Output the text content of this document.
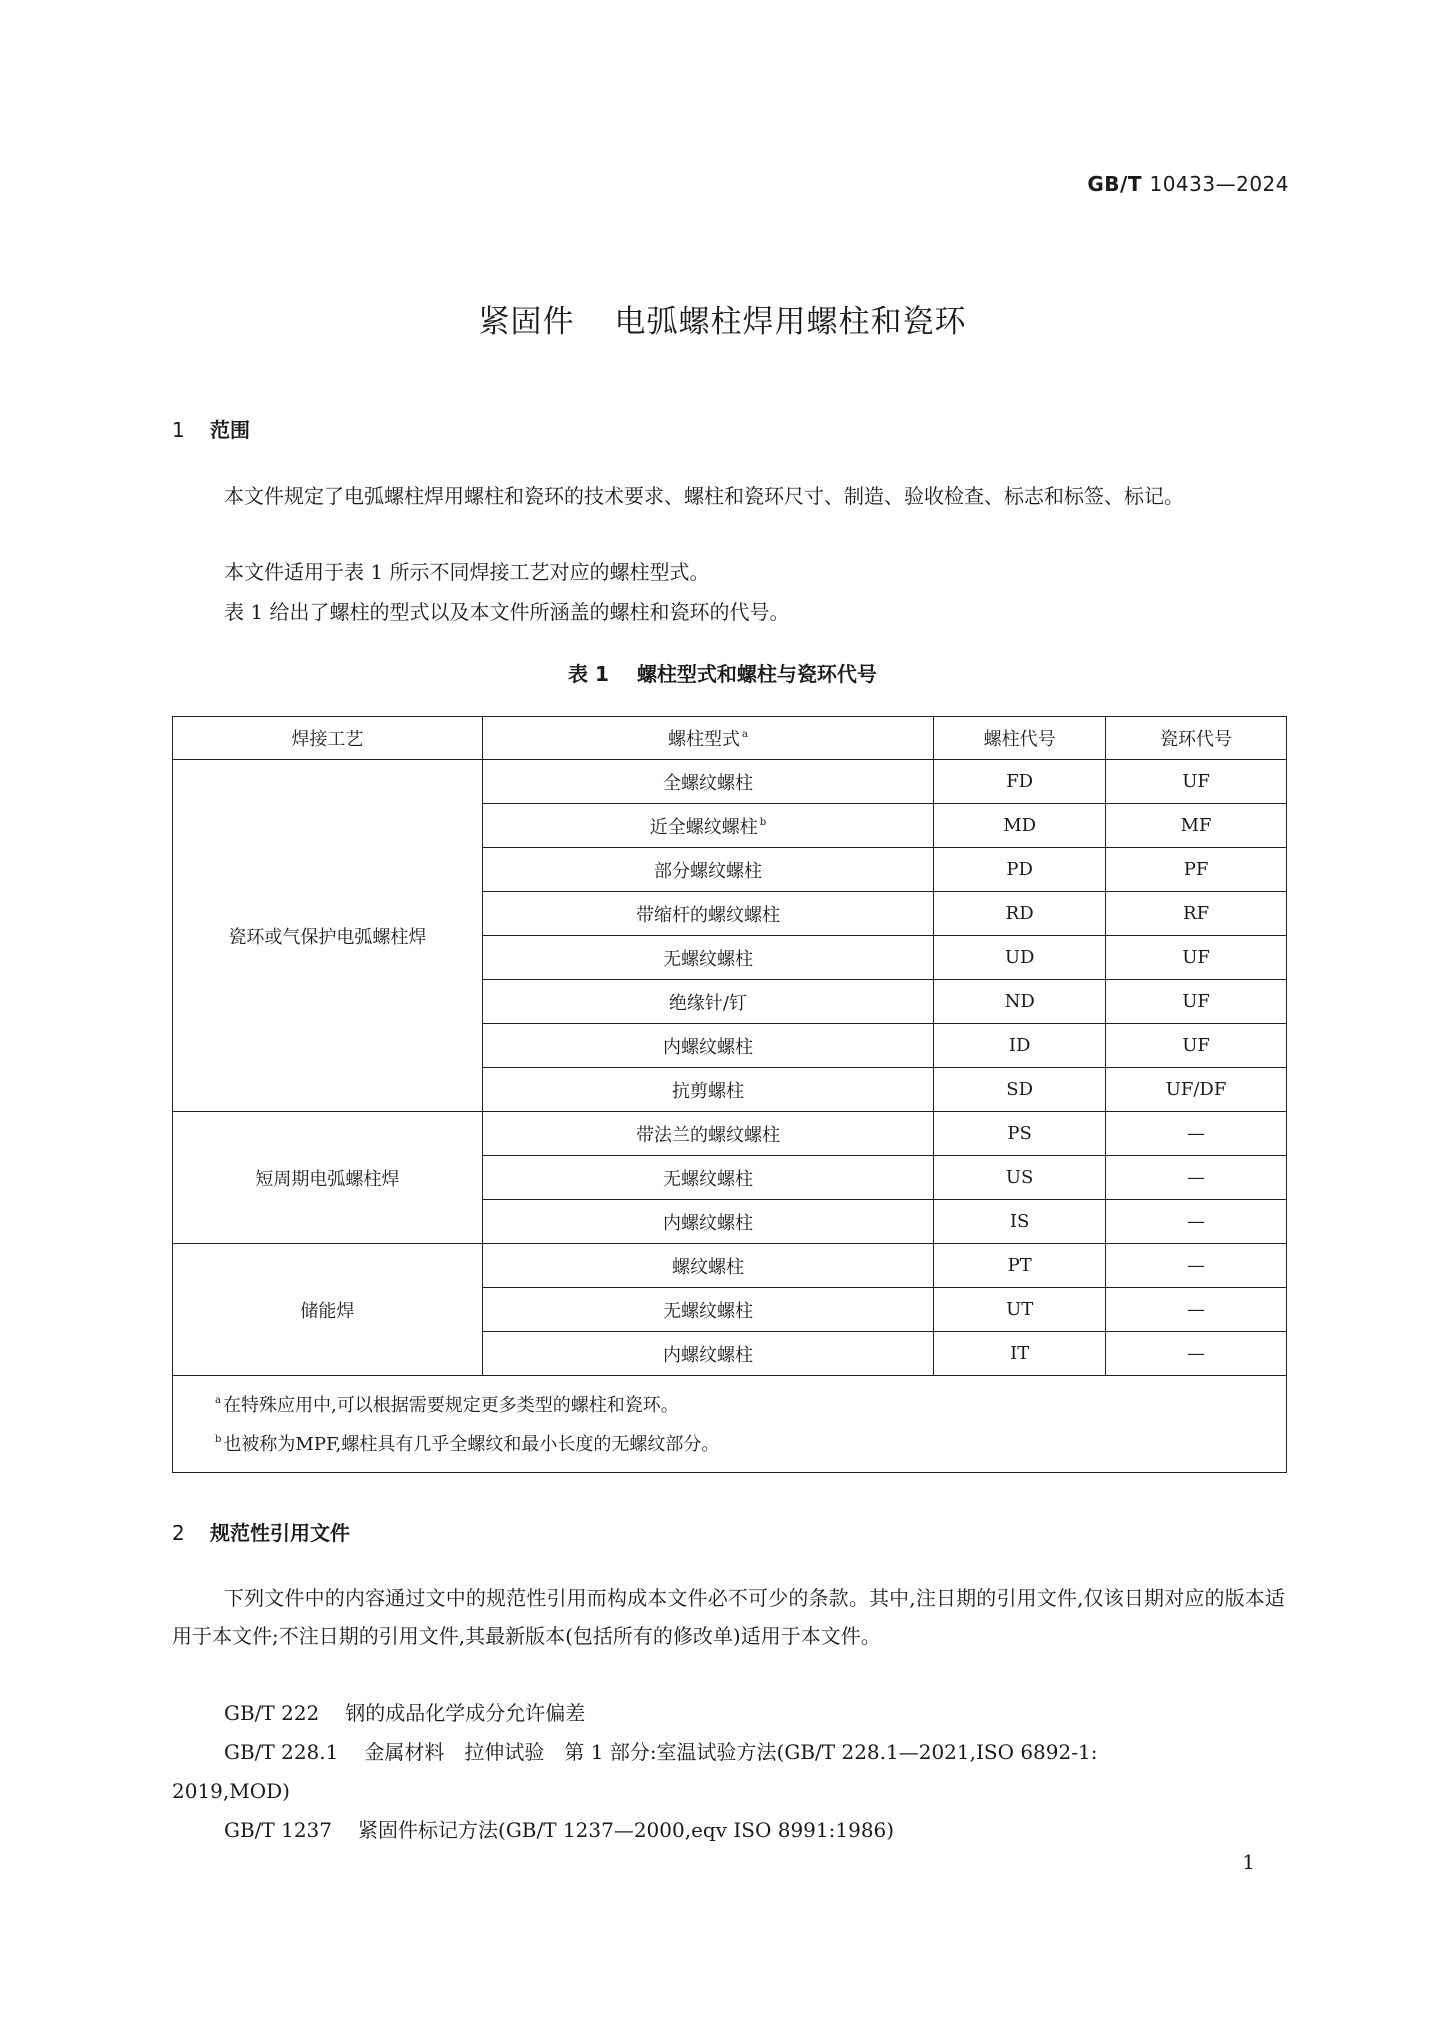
GB/T 10433—2024
紧固件 电弧螺柱焊用螺柱和瓷环
1 范围

本文件规定了电弧螺柱焊用螺柱和瓷环的技术要求、螺柱和瓷环尺寸、制造、验收检查、标志和标签、标记。

本文件适用于表 1 所示不同焊接工艺对应的螺柱型式。
表 1 给出了螺柱的型式以及本文件所涵盖的螺柱和瓷环的代号。
表 1 螺柱型式和螺柱与瓷环代号
焊接工艺	螺柱型式 $^a$	螺柱代号	瓷环代号
瓷环或气保护电弧螺柱焊	全螺纹螺柱	FD	UF
	近全螺纹螺柱 $^b$	MD	MF
	部分螺纹螺柱	PD	PF
	带缩杆的螺纹螺柱	RD	RF
	无螺纹螺柱	UD	UF
	绝缘针/钉	ND	UF
	内螺纹螺柱	ID	UF
	抗剪螺柱	SD	UF/DF
短周期电弧螺柱焊	带法兰的螺纹螺柱	PS	—
	无螺纹螺柱	US	—
	内螺纹螺柱	IS	—
储能焊	螺纹螺柱	PT	—
	无螺纹螺柱	UT	—
	内螺纹螺柱	IT	—

$^a$ 在特殊应用中,可以根据需要规定更多类型的螺柱和瓷环。
$^b$ 也被称为MPF,螺柱具有几乎全螺纹和最小长度的无螺纹部分。			
2 规范性引用文件

下列文件中的内容通过文中的规范性引用而构成本文件必不可少的条款。其中,注日期的引用文件,仅该日期对应的版本适用于本文件;不注日期的引用文件,其最新版本(包括所有的修改单)适用于本文件。

GB/T 222 钢的成品化学成分允许偏差
GB/T 228.1 金属材料　拉伸试验　第 1 部分:室温试验方法(GB/T 228.1—2021,ISO 6892-1:
2019,MOD)
GB/T 1237 紧固件标记方法(GB/T 1237—2000,eqv ISO 8991:1986)
1
